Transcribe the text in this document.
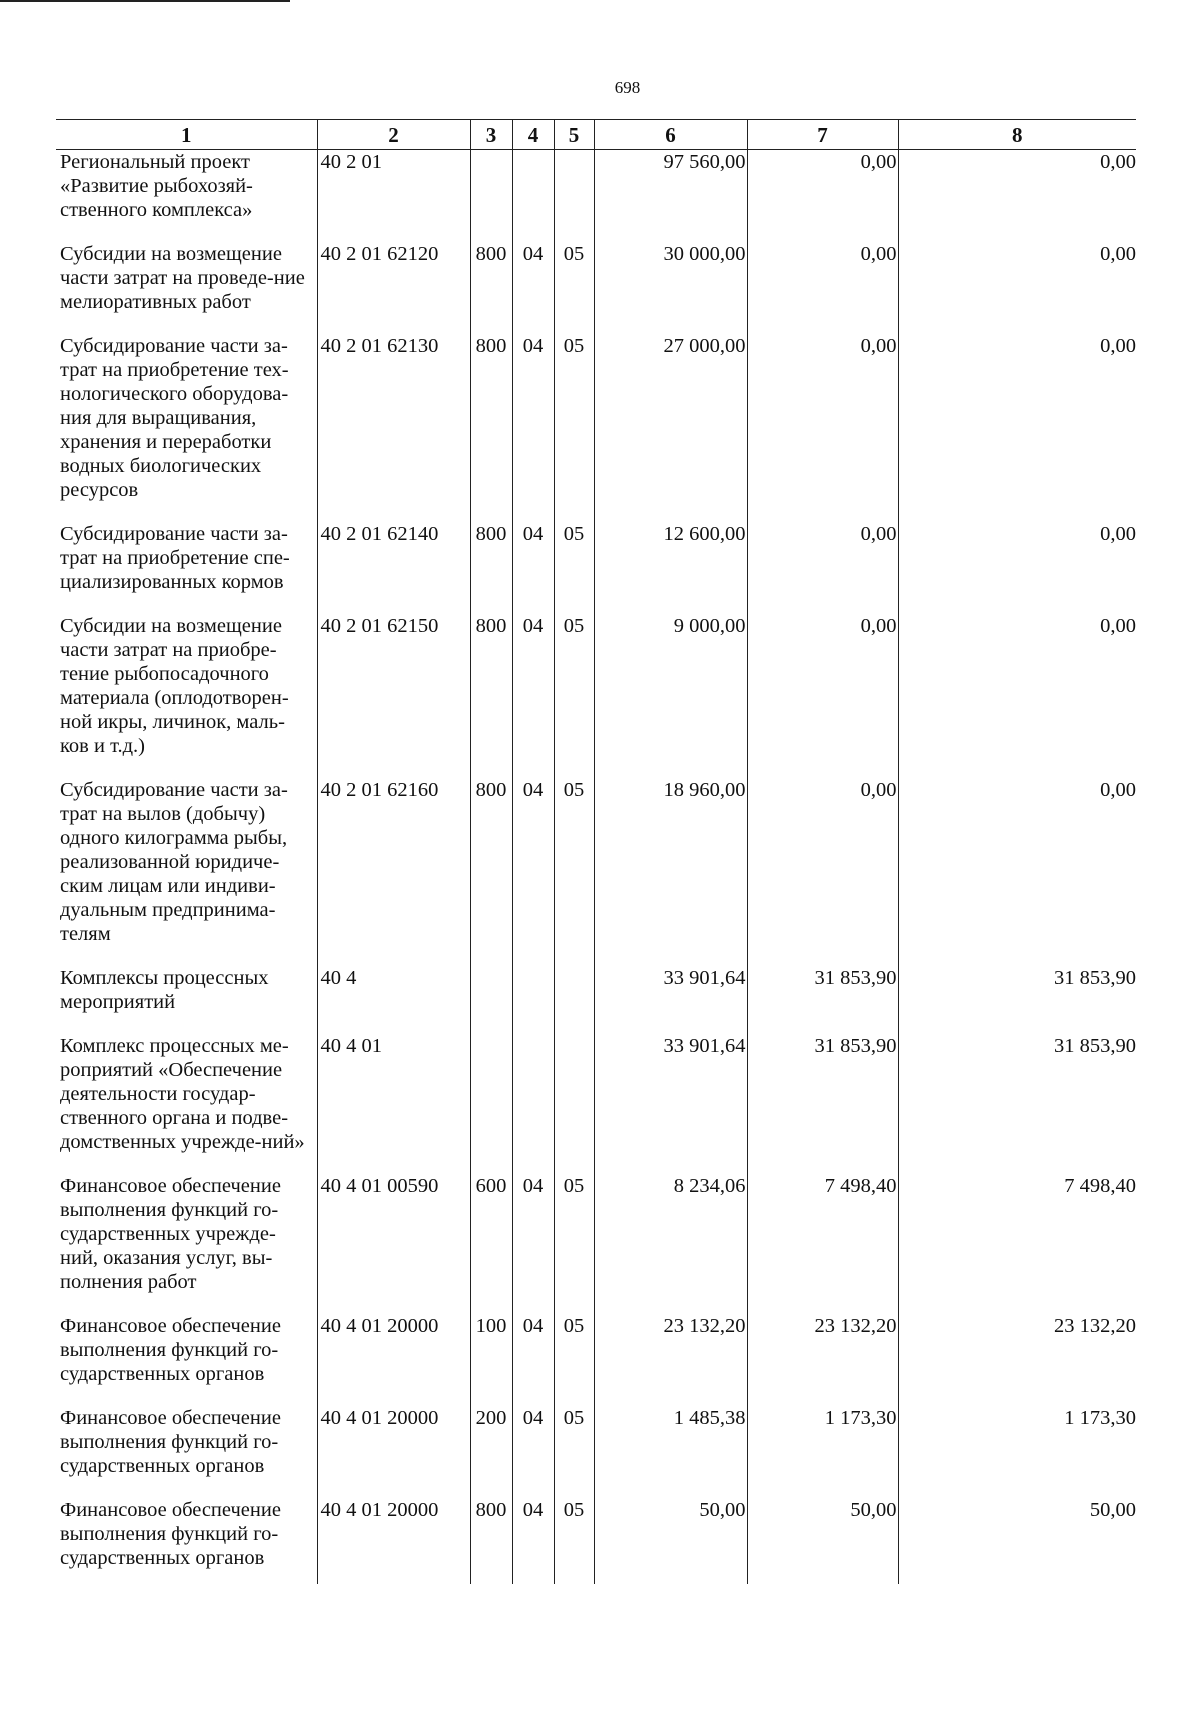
698
1	2	3	4	5	6	7	8
Региональный проект «Развитие рыбохозяй-ственного комплекса»	40 2 01				97 560,00	0,00	0,00
Субсидии на возмещение части затрат на проведе-ние мелиоративных работ	40 2 01 62120	800	04	05	30 000,00	0,00	0,00
Субсидирование части за-трат на приобретение тех-нологического оборудова-ния для выращивания, хранения и переработки водных биологических ресурсов	40 2 01 62130	800	04	05	27 000,00	0,00	0,00
Субсидирование части за-трат на приобретение спе-циализированных кормов	40 2 01 62140	800	04	05	12 600,00	0,00	0,00
Субсидии на возмещение части затрат на приобре-тение рыбопосадочного материала (оплодотворен-ной икры, личинок, маль-ков и т.д.)	40 2 01 62150	800	04	05	9 000,00	0,00	0,00
Субсидирование части за-трат на вылов (добычу) одного килограмма рыбы, реализованной юридиче-ским лицам или индиви-дуальным предпринима-телям	40 2 01 62160	800	04	05	18 960,00	0,00	0,00
Комплексы процессных мероприятий	40 4				33 901,64	31 853,90	31 853,90
Комплекс процессных ме-роприятий «Обеспечение деятельности государ-ственного органа и подве-домственных учрежде-ний»	40 4 01				33 901,64	31 853,90	31 853,90
Финансовое обеспечение выполнения функций го-сударственных учрежде-ний, оказания услуг, вы-полнения работ	40 4 01 00590	600	04	05	8 234,06	7 498,40	7 498,40
Финансовое обеспечение выполнения функций го-сударственных органов	40 4 01 20000	100	04	05	23 132,20	23 132,20	23 132,20
Финансовое обеспечение выполнения функций го-сударственных органов	40 4 01 20000	200	04	05	1 485,38	1 173,30	1 173,30
Финансовое обеспечение выполнения функций го-сударственных органов	40 4 01 20000	800	04	05	50,00	50,00	50,00
